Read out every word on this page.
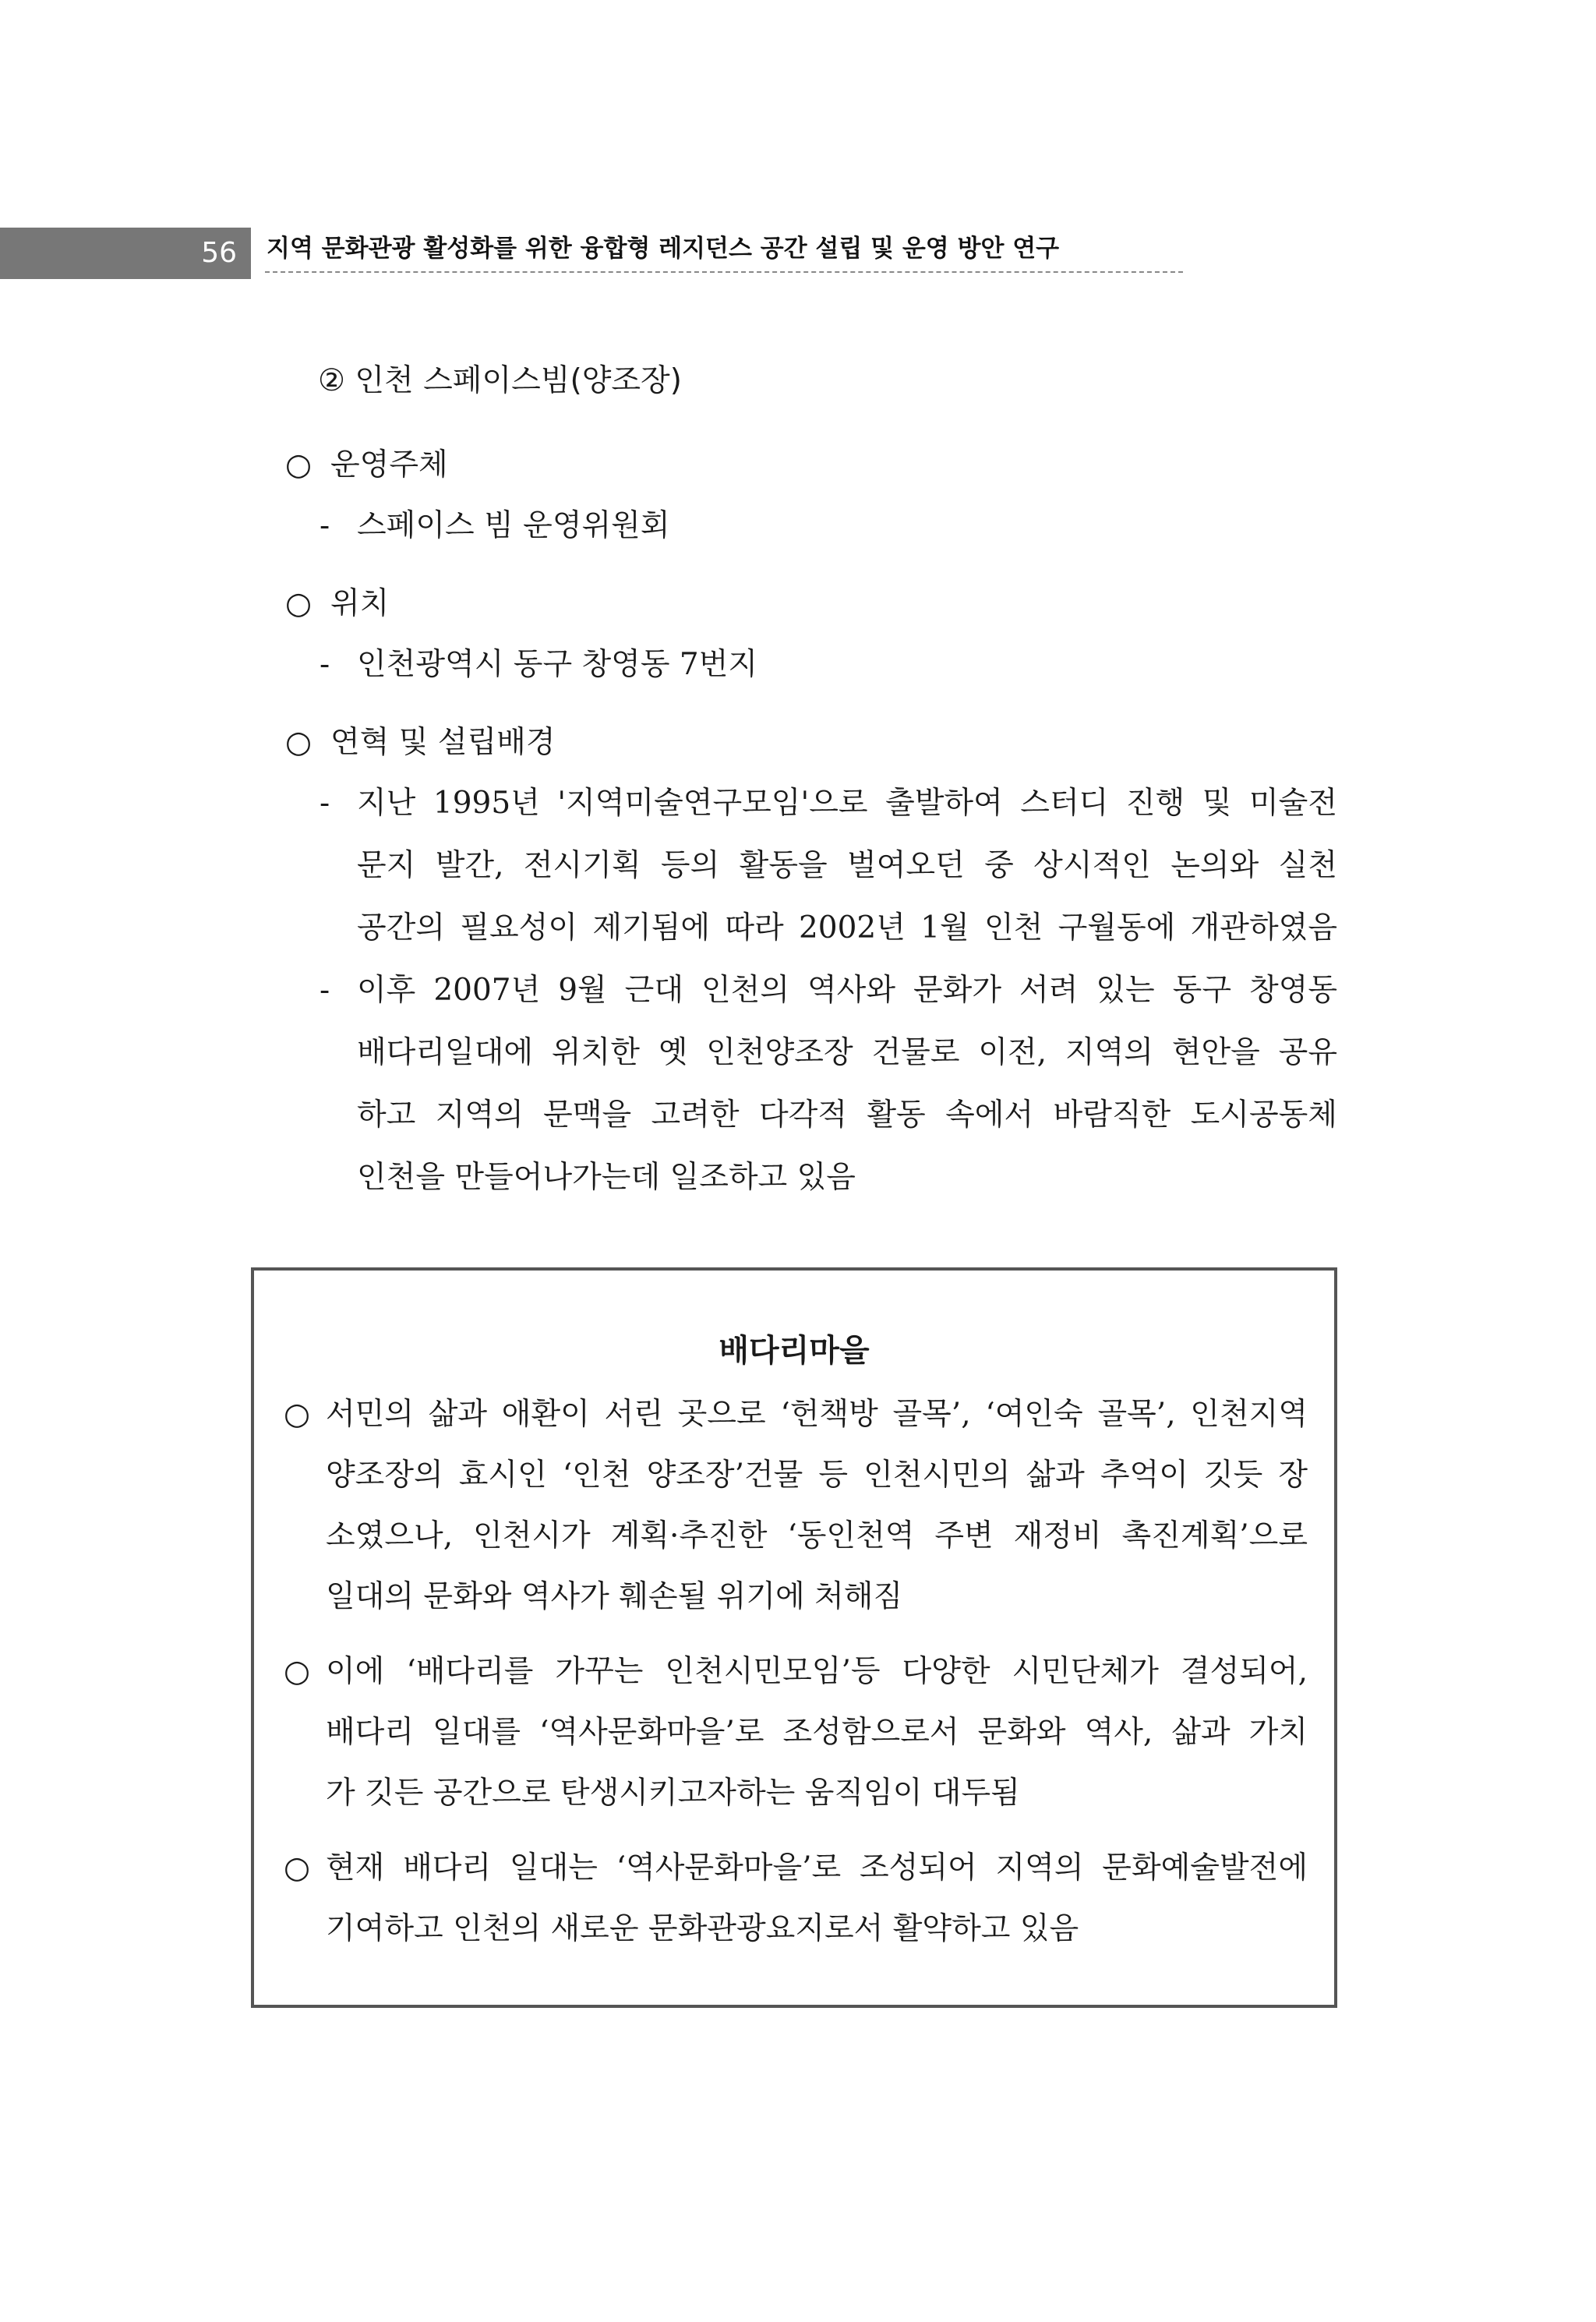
56 지역 문화관광 활성화를 위한 융합형 레지던스 공간 설립 및 운영 방안 연구
② 인천 스페이스빔(양조장)
○ 운영주체
- 스페이스 빔 운영위원회
○ 위치
- 인천광역시 동구 창영동 7번지
○ 연혁 및 설립배경
- 지난 1995년 '지역미술연구모임'으로 출발하여 스터디 진행 및 미술전
문지 발간, 전시기획 등의 활동을 벌여오던 중 상시적인 논의와 실천
공간의 필요성이 제기됨에 따라 2002년 1월 인천 구월동에 개관하였음
- 이후 2007년 9월 근대 인천의 역사와 문화가 서려 있는 동구 창영동
배다리일대에 위치한 옛 인천양조장 건물로 이전, 지역의 현안을 공유
하고 지역의 문맥을 고려한 다각적 활동 속에서 바람직한 도시공동체
인천을 만들어나가는데 일조하고 있음
배다리마을
○ 서민의 삶과 애환이 서린 곳으로 ‘헌책방 골목’, ‘여인숙 골목’, 인천지역
양조장의 효시인 ‘인천 양조장’건물 등 인천시민의 삶과 추억이 깃듯 장
소였으나, 인천시가 계획·추진한 ‘동인천역 주변 재정비 촉진계획’으로
일대의 문화와 역사가 훼손될 위기에 처해짐
○ 이에 ‘배다리를 가꾸는 인천시민모임’등 다양한 시민단체가 결성되어,
배다리 일대를 ‘역사문화마을’로 조성함으로서 문화와 역사, 삶과 가치
가 깃든 공간으로 탄생시키고자하는 움직임이 대두됨
○ 현재 배다리 일대는 ‘역사문화마을’로 조성되어 지역의 문화예술발전에
기여하고 인천의 새로운 문화관광요지로서 활약하고 있음
